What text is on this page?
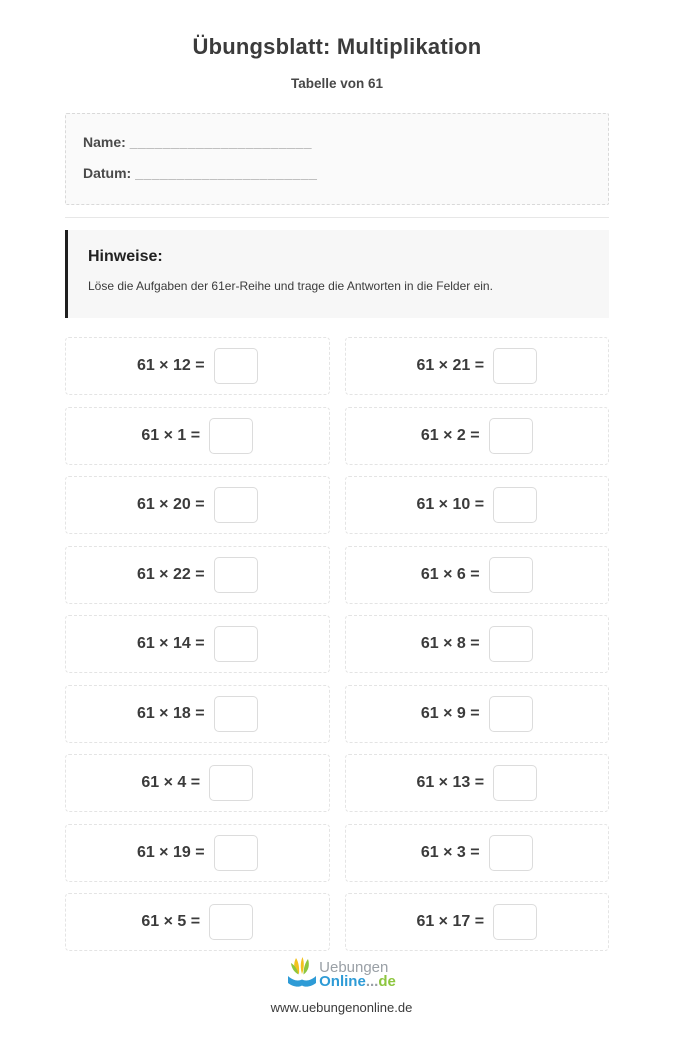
Übungsblatt: Multiplikation
Tabelle von 61
Name: ______________________
Datum: ______________________
Hinweise:
Löse die Aufgaben der 61er-Reihe und trage die Antworten in die Felder ein.
61 × 12 =	61 × 21 =
61 × 1 =	61 × 2 =
61 × 20 =	61 × 10 =
61 × 22 =	61 × 6 =
61 × 14 =	61 × 8 =
61 × 18 =	61 × 9 =
61 × 4 =	61 × 13 =
61 × 19 =	61 × 3 =
61 × 5 =	61 × 17 =
Uebungen
Online...de
www.uebungenonline.de
